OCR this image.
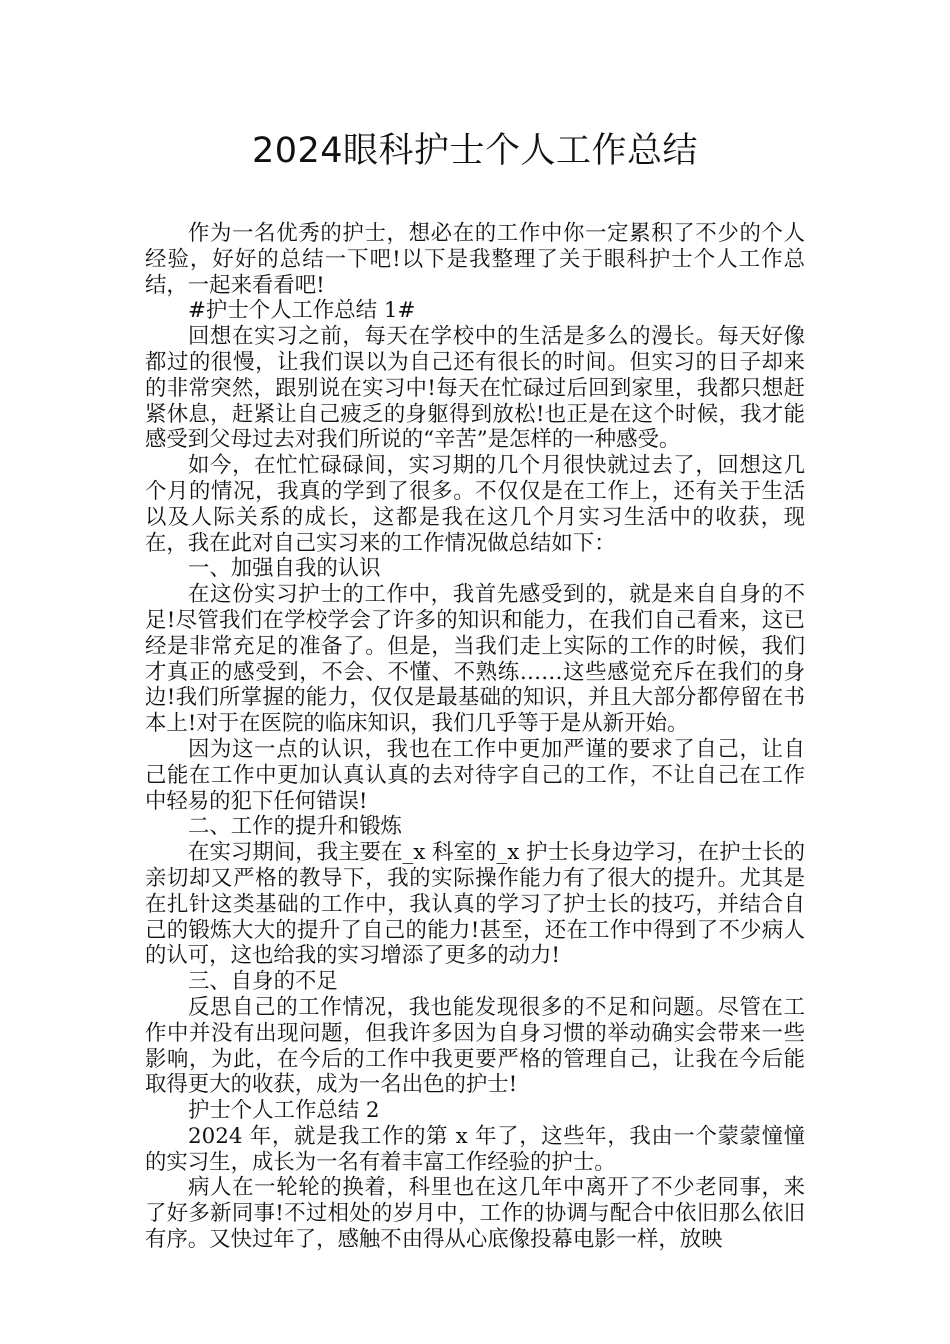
2024眼科护士个人工作总结

作为一名优秀的护士，想必在的工作中你一定累积了不少的个人经验，好好的总结一下吧!以下是我整理了关于眼科护士个人工作总结，一起来看看吧!

#护士个人工作总结 1#

回想在实习之前，每天在学校中的生活是多么的漫长。每天好像都过的很慢，让我们误以为自己还有很长的时间。但实习的日子却来的非常突然，跟别说在实习中!每天在忙碌过后回到家里，我都只想赶紧休息，赶紧让自己疲乏的身躯得到放松!也正是在这个时候，我才能感受到父母过去对我们所说的“辛苦”是怎样的一种感受。

如今，在忙忙碌碌间，实习期的几个月很快就过去了，回想这几个月的情况，我真的学到了很多。不仅仅是在工作上，还有关于生活以及人际关系的成长，这都是我在这几个月实习生活中的收获，现在，我在此对自己实习来的工作情况做总结如下：

一、加强自我的认识

在这份实习护士的工作中，我首先感受到的，就是来自自身的不足!尽管我们在学校学会了许多的知识和能力，在我们自己看来，这已经是非常充足的准备了。但是，当我们走上实际的工作的时候，我们才真正的感受到，不会、不懂、不熟练……这些感觉充斥在我们的身边!我们所掌握的能力，仅仅是最基础的知识，并且大部分都停留在书本上!对于在医院的临床知识，我们几乎等于是从新开始。

因为这一点的认识，我也在工作中更加严谨的要求了自己，让自己能在工作中更加认真认真的去对待字自己的工作，不让自己在工作中轻易的犯下任何错误!

二、工作的提升和锻炼

在实习期间，我主要在_x 科室的_x 护士长身边学习，在护士长的亲切却又严格的教导下，我的实际操作能力有了很大的提升。尤其是在扎针这类基础的工作中，我认真的学习了护士长的技巧，并结合自己的锻炼大大的提升了自己的能力!甚至，还在工作中得到了不少病人的认可，这也给我的实习增添了更多的动力!

三、自身的不足

反思自己的工作情况，我也能发现很多的不足和问题。尽管在工作中并没有出现问题，但我许多因为自身习惯的举动确实会带来一些影响，为此，在今后的工作中我更要严格的管理自己，让我在今后能取得更大的收获，成为一名出色的护士!

护士个人工作总结 2

2024 年，就是我工作的第 x 年了，这些年，我由一个蒙蒙憧憧的实习生，成长为一名有着丰富工作经验的护士。

病人在一轮轮的换着，科里也在这几年中离开了不少老同事，来了好多新同事!不过相处的岁月中，工作的协调与配合中依旧那么依旧有序。又快过年了，感触不由得从心底像投幕电影一样，放映
